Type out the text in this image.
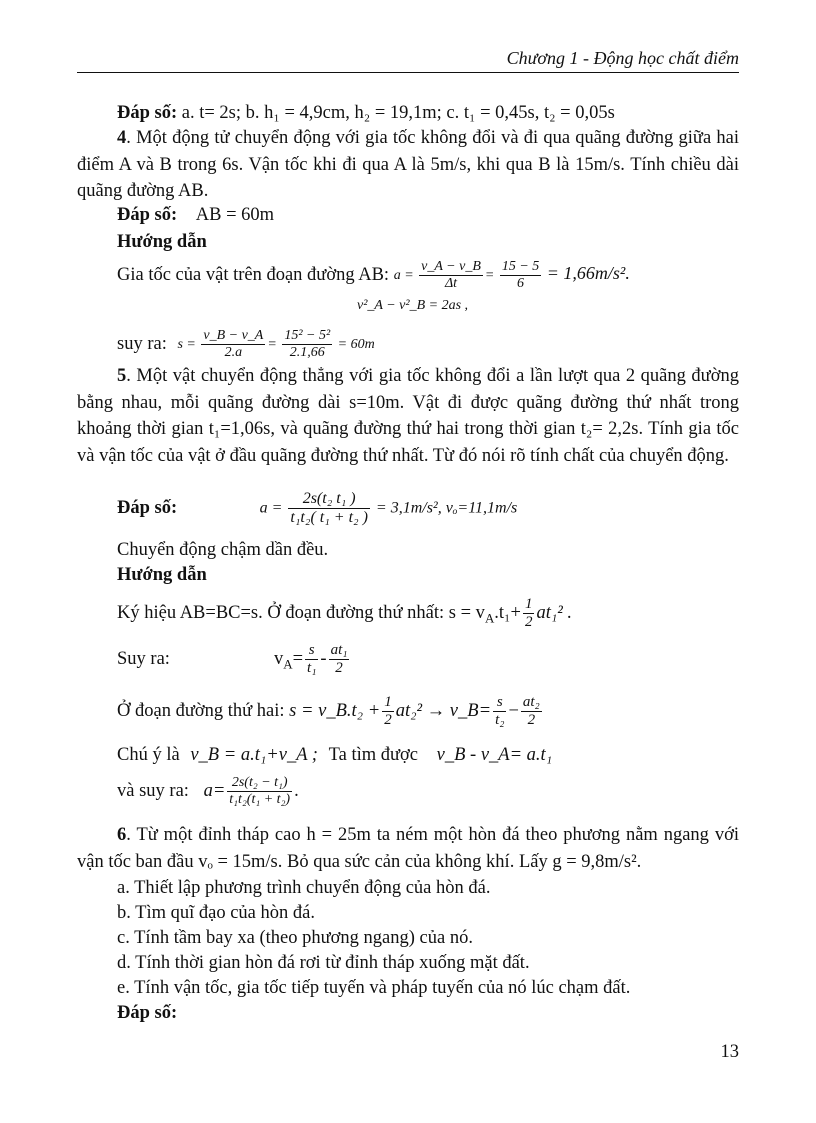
Chương 1 - Động học chất điểm
Đáp số: a. t= 2s; b. h₁ = 4,9cm, h₂ = 19,1m; c. t₁ = 0,45s, t₂ = 0,05s
4. Một động tử chuyển động với gia tốc không đổi và đi qua quãng đường giữa hai điểm A và B trong 6s. Vận tốc khi đi qua A là 5m/s, khi qua B là 15m/s. Tính chiều dài quãng đường AB.
Đáp số: AB = 60m
Hướng dẫn
Gia tốc của vật trên đoạn đường AB: $a = \frac{v\_A - v\_B}{\Delta t} = \frac{15 - 5}{6} = 1,66m/s^2$.
v²_A − v²_B = 2as ,
suy ra: $s = \frac{v\_B - v\_A}{2.a} = \frac{\text{15² − 5²}}{2.1,66} = 60m$
5. Một vật chuyển động thẳng với gia tốc không đổi a lần lượt qua 2 quãng đường bằng nhau, mỗi quãng đường dài s=10m. Vật đi được quãng đường thứ nhất trong khoảng thời gian t₁=1,06s, và quãng đường thứ hai trong thời gian t₂= 2,2s. Tính gia tốc và vận tốc của vật ở đầu quãng đường thứ nhất. Từ đó nói rõ tính chất của chuyển động.
Đáp số:	$a = \frac{\text{2s(t₂ t₁ )}}{\text{t₁t₂( t₁ + t₂ )}} = 3,1m/s^2$, vₒ=11,1m/s
Chuyển động chậm dần đều.
Hướng dẫn
Ký hiệu AB=BC=s. Ở đoạn đường thứ nhất: $s = v_A.t_1+ \frac{1}{2} at_1^2$ .
Suy ra:	$v_A= \frac{s}{\text{t₁}} - \frac{\text{at₁}}{2}$
Ở đoạn đường thứ hai: s = v_B.t₂ + $\frac{1}{2} at_2^2$ → v_B= $\frac{s}{\text{t₂}} - \frac{\text{at₂}}{2}$
Chú ý là v_B = a.t₁+v_A ; Ta tìm được v_B - v_A= a.t₁
và suy ra: $a= \frac{\text{2s(t₂ − t₁)}}{\text{t₁t₂(t₁ + t₂)}}$ .
6. Từ một đỉnh tháp cao h = 25m ta ném một hòn đá theo phương nằm ngang với vận tốc ban đầu vₒ = 15m/s. Bỏ qua sức cản của không khí. Lấy g = 9,8m/s².
a. Thiết lập phương trình chuyển động của hòn đá.
b. Tìm quĩ đạo của hòn đá.
c. Tính tầm bay xa (theo phương ngang) của nó.
d. Tính thời gian hòn đá rơi từ đỉnh tháp xuống mặt đất.
e. Tính vận tốc, gia tốc tiếp tuyến và pháp tuyến của nó lúc chạm đất.
Đáp số:
13
